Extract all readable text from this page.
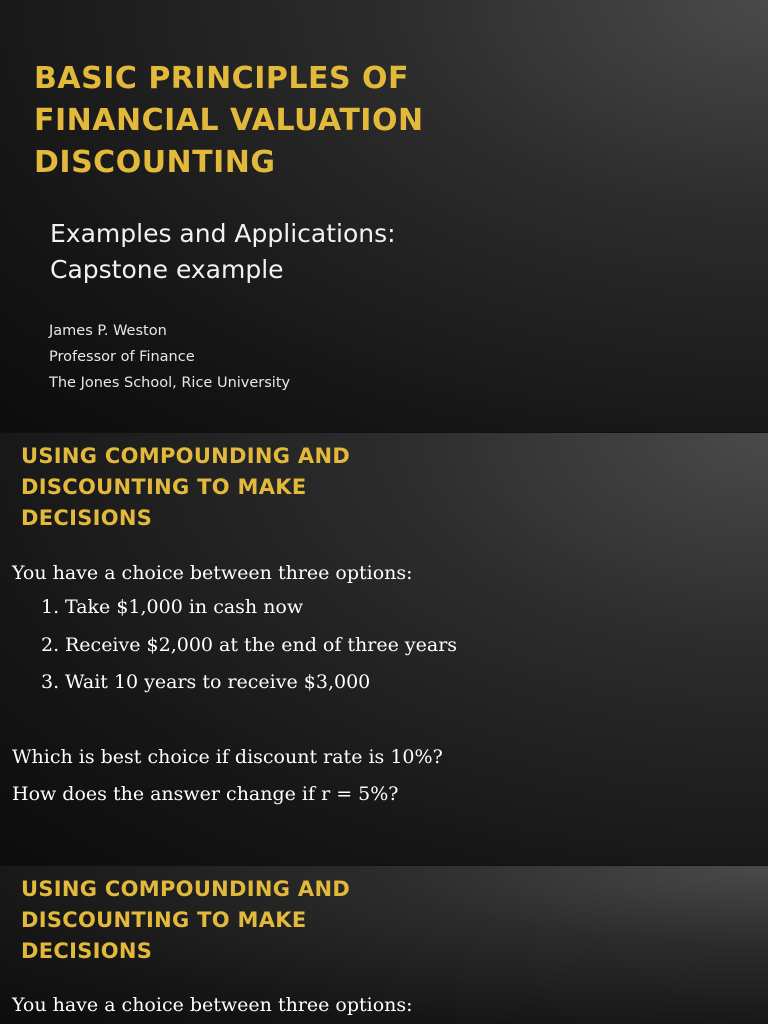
BASIC PRINCIPLES OF
FINANCIAL VALUATION
DISCOUNTING
Examples and Applications:
Capstone example
James P. Weston
Professor of Finance
The Jones School, Rice University
USING COMPOUNDING AND
DISCOUNTING TO MAKE
DECISIONS

You have a choice between three options:

1. Take $1,000 in cash now
2. Receive $2,000 at the end of three years
3. Wait 10 years to receive $3,000

Which is best choice if discount rate is 10%?

How does the answer change if r = 5%?

USING COMPOUNDING AND
DISCOUNTING TO MAKE
DECISIONS

You have a choice between three options:
